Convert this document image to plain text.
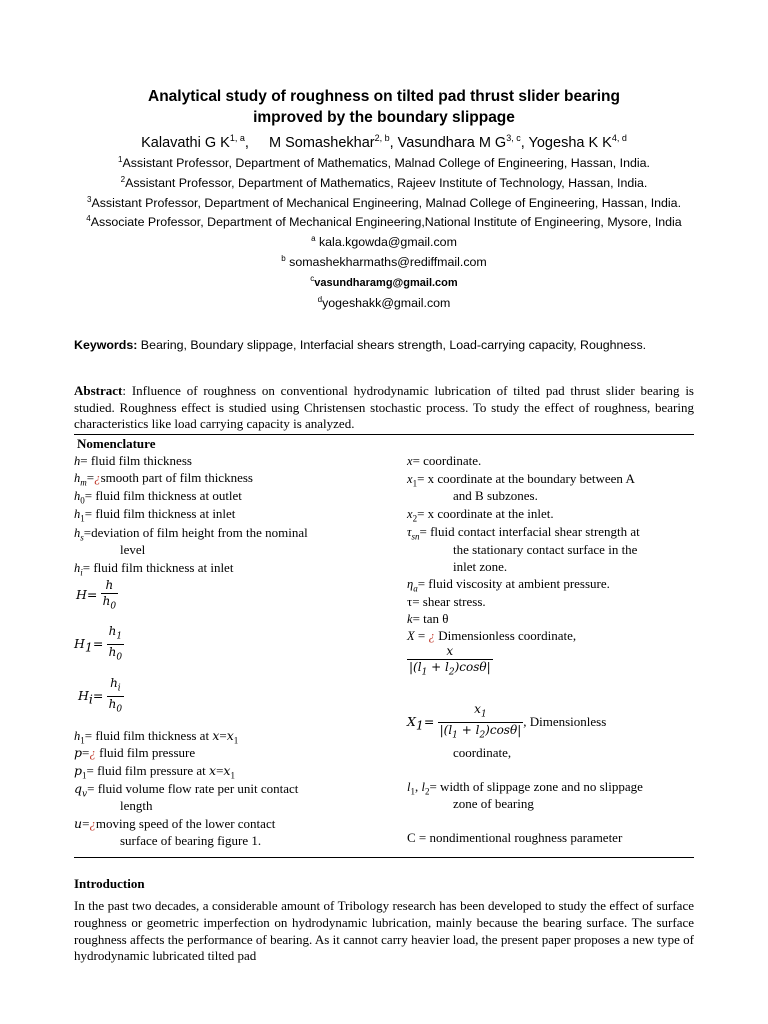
Analytical study of roughness on tilted pad thrust slider bearing
improved by the boundary slippage
Kalavathi G K$^{1, a}$,     M Somashekhar$^{2, b}$, Vasundhara M G$^{3, c}$, Yogesha K K$^{4, d}$
$^1$Assistant Professor, Department of Mathematics, Malnad College of Engineering, Hassan, India.
$^2$Assistant Professor, Department of Mathematics, Rajeev Institute of Technology, Hassan, India.
$^3$Assistant Professor, Department of Mechanical Engineering, Malnad College of Engineering, Hassan, India.
$^4$Associate Professor, Department of Mechanical Engineering,National Institute of Engineering, Mysore, India
$^a$ kala.kgowda@gmail.com
$^b$ somashekharmaths@rediffmail.com
$^c$vasundharamg@gmail.com
$^d$yogeshakk@gmail.com
Keywords: Bearing, Boundary slippage, Interfacial shears strength, Load-carrying capacity, Roughness.
Abstract: Influence of roughness on conventional hydrodynamic lubrication of tilted pad thrust slider bearing is studied. Roughness effect is studied using Christensen stochastic process. To study the effect of roughness, bearing characteristics like load carrying capacity is analyzed.
Nomenclature
h= fluid film thickness
$h_m=¿smooth$ part of film thickness
$h_0=$ fluid film thickness at outlet
$h_1=$ fluid film thickness at inlet
$h_s=deviation$ of film height from the nominal
level
$h_i=$ fluid film thickness at inlet
$H= \frac{h}{h_0}$
$H_1= \frac{h_1}{h_0}$
$H_i= \frac{h_i}{h_0}$
$h_1=$ fluid film thickness at $x=x_1$
p=¿ fluid film pressure
$p_1=$ fluid film pressure at $x=x_1$
$q_v=$ fluid volume flow rate per unit contact
length
u=¿moving speed of the lower contact
surface of bearing figure 1.
x= coordinate.
$x_1= x$ coordinate at the boundary between A
and B subzones.
$x_2= x$ coordinate at the inlet.
$\tau_{sn}=$ fluid contact interfacial shear strength at
the stationary contact surface in the
inlet zone.
$\eta_a=$ fluid viscosity at ambient pressure.
τ= shear stress.
k= tan θ
X = ¿ Dimensionless coordinate,
$\frac{x}{|(l_1 + l_2)\cos\theta|}$
$X_1= \frac{x_1}{|(l_1 + l_2)\cos\theta|}$ , Dimensionless
coordinate,
$l_1$, $l_2=$ width of slippage zone and no slippage
zone of bearing
C = nondimentional roughness parameter
Introduction
In the past two decades, a considerable amount of Tribology research has been developed to study the effect of surface roughness or geometric imperfection on hydrodynamic lubrication, mainly because the bearing surface. The surface roughness affects the performance of bearing. As it cannot carry heavier load, the present paper proposes a new type of hydrodynamic lubricated tilted pad
